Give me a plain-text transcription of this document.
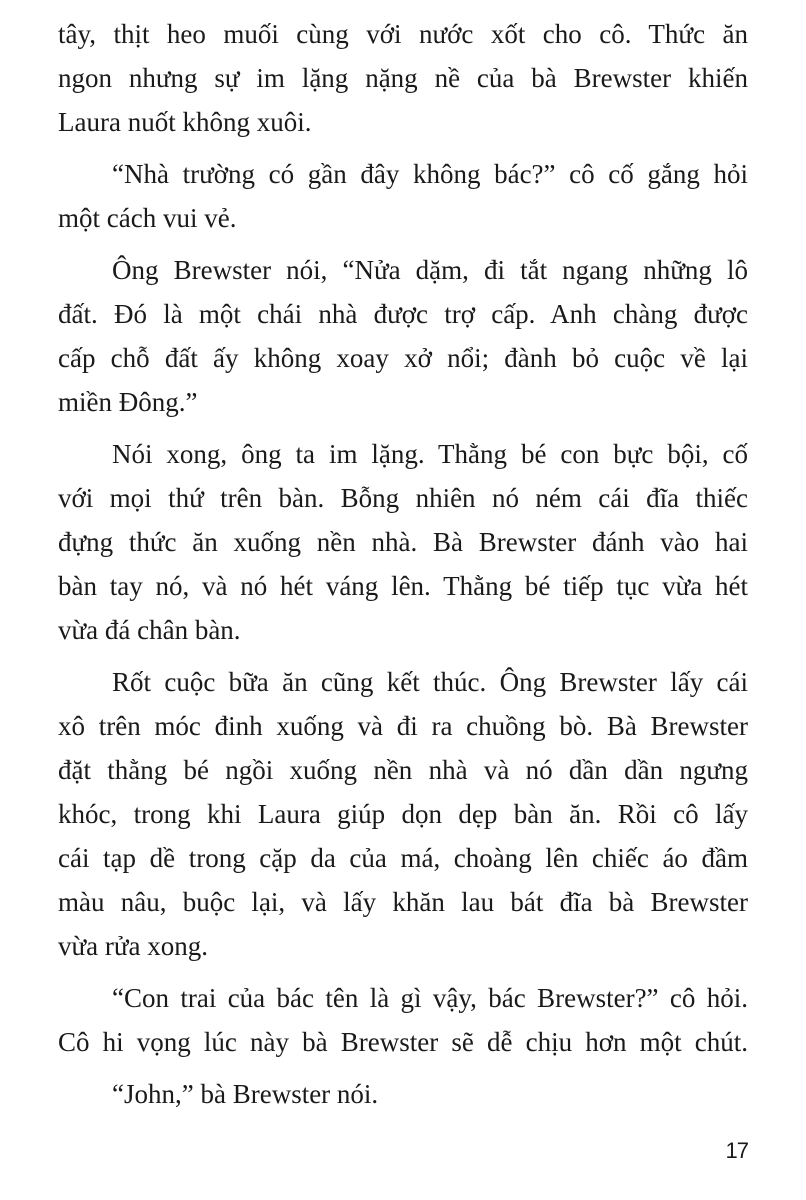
tây, thịt heo muối cùng với nước xốt cho cô. Thức ăn
ngon nhưng sự im lặng nặng nề của bà Brewster khiến
Laura nuốt không xuôi.

“Nhà trường có gần đây không bác?” cô cố gắng hỏi
một cách vui vẻ.

Ông Brewster nói, “Nửa dặm, đi tắt ngang những lô
đất. Đó là một chái nhà được trợ cấp. Anh chàng được
cấp chỗ đất ấy không xoay xở nổi; đành bỏ cuộc về lại
miền Đông.”

Nói xong, ông ta im lặng. Thằng bé con bực bội, cố
với mọi thứ trên bàn. Bỗng nhiên nó ném cái đĩa thiếc
đựng thức ăn xuống nền nhà. Bà Brewster đánh vào hai
bàn tay nó, và nó hét váng lên. Thằng bé tiếp tục vừa hét
vừa đá chân bàn.

Rốt cuộc bữa ăn cũng kết thúc. Ông Brewster lấy cái
xô trên móc đinh xuống và đi ra chuồng bò. Bà Brewster
đặt thằng bé ngồi xuống nền nhà và nó dần dần ngưng
khóc, trong khi Laura giúp dọn dẹp bàn ăn. Rồi cô lấy
cái tạp dề trong cặp da của má, choàng lên chiếc áo đầm
màu nâu, buộc lại, và lấy khăn lau bát đĩa bà Brewster
vừa rửa xong.

“Con trai của bác tên là gì vậy, bác Brewster?” cô hỏi.
Cô hi vọng lúc này bà Brewster sẽ dễ chịu hơn một chút.

“John,” bà Brewster nói.

17
